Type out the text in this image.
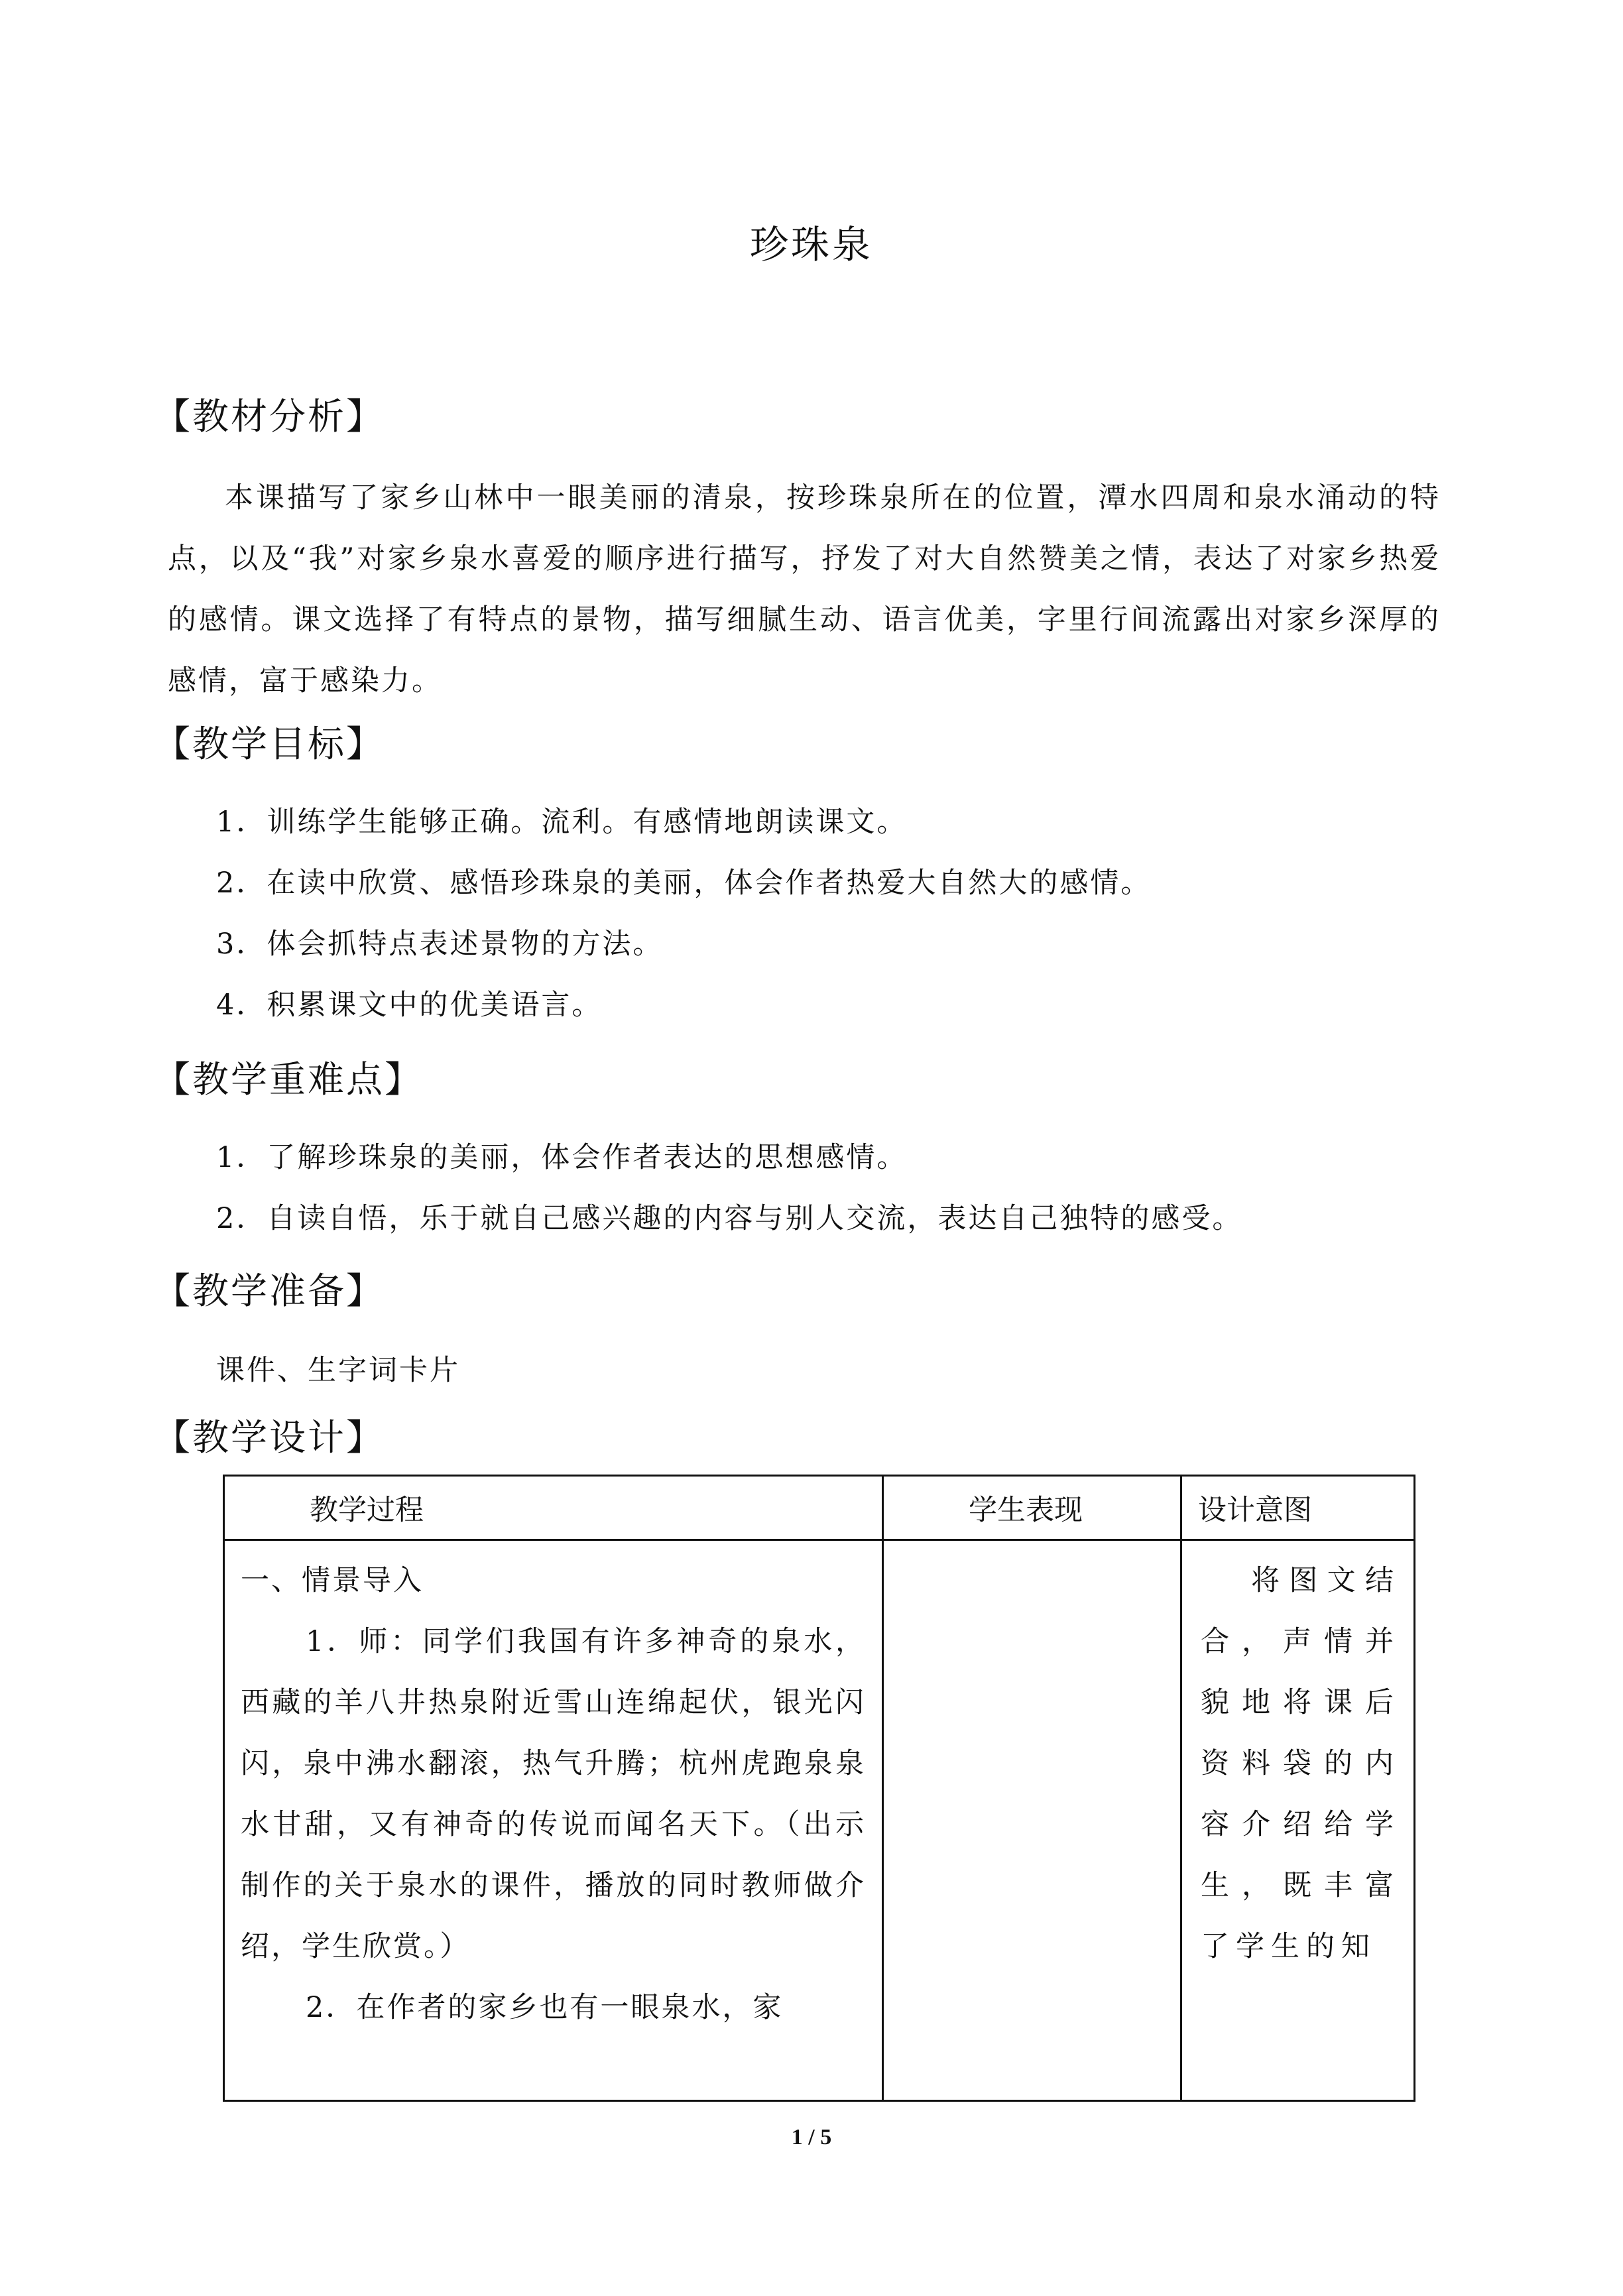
珍珠泉
【教材分析】

本课描写了家乡山林中一眼美丽的清泉，按珍珠泉所在的位置，潭水四周和泉水涌动的特点，以及“我”对家乡泉水喜爱的顺序进行描写，抒发了对大自然赞美之情，表达了对家乡热爱的感情。课文选择了有特点的景物，描写细腻生动、语言优美，字里行间流露出对家乡深厚的感情，富于感染力。

【教学目标】
1．训练学生能够正确。流利。有感情地朗读课文。
2．在读中欣赏、感悟珍珠泉的美丽，体会作者热爱大自然大的感情。
3．体会抓特点表述景物的方法。
4．积累课文中的优美语言。
【教学重难点】
1．了解珍珠泉的美丽，体会作者表达的思想感情。
2．自读自悟，乐于就自己感兴趣的内容与别人交流，表达自己独特的感受。
【教学准备】
课件、生字词卡片
【教学设计】
教学过程	学生表现	设计意图

一、情景导入
1．师：同学们我国有许多神奇的泉水，西藏的羊八井热泉附近雪山连绵起伏，银光闪闪，泉中沸水翻滚，热气升腾；杭州虎跑泉泉水甘甜，又有神奇的传说而闻名天下。（出示制作的关于泉水的课件，播放的同时教师做介绍，学生欣赏。）
2．在作者的家乡也有一眼泉水，家		将图文结合，声情并貌地将课后资料袋的内容介绍给学生，既丰富了学生的知
1 / 5
